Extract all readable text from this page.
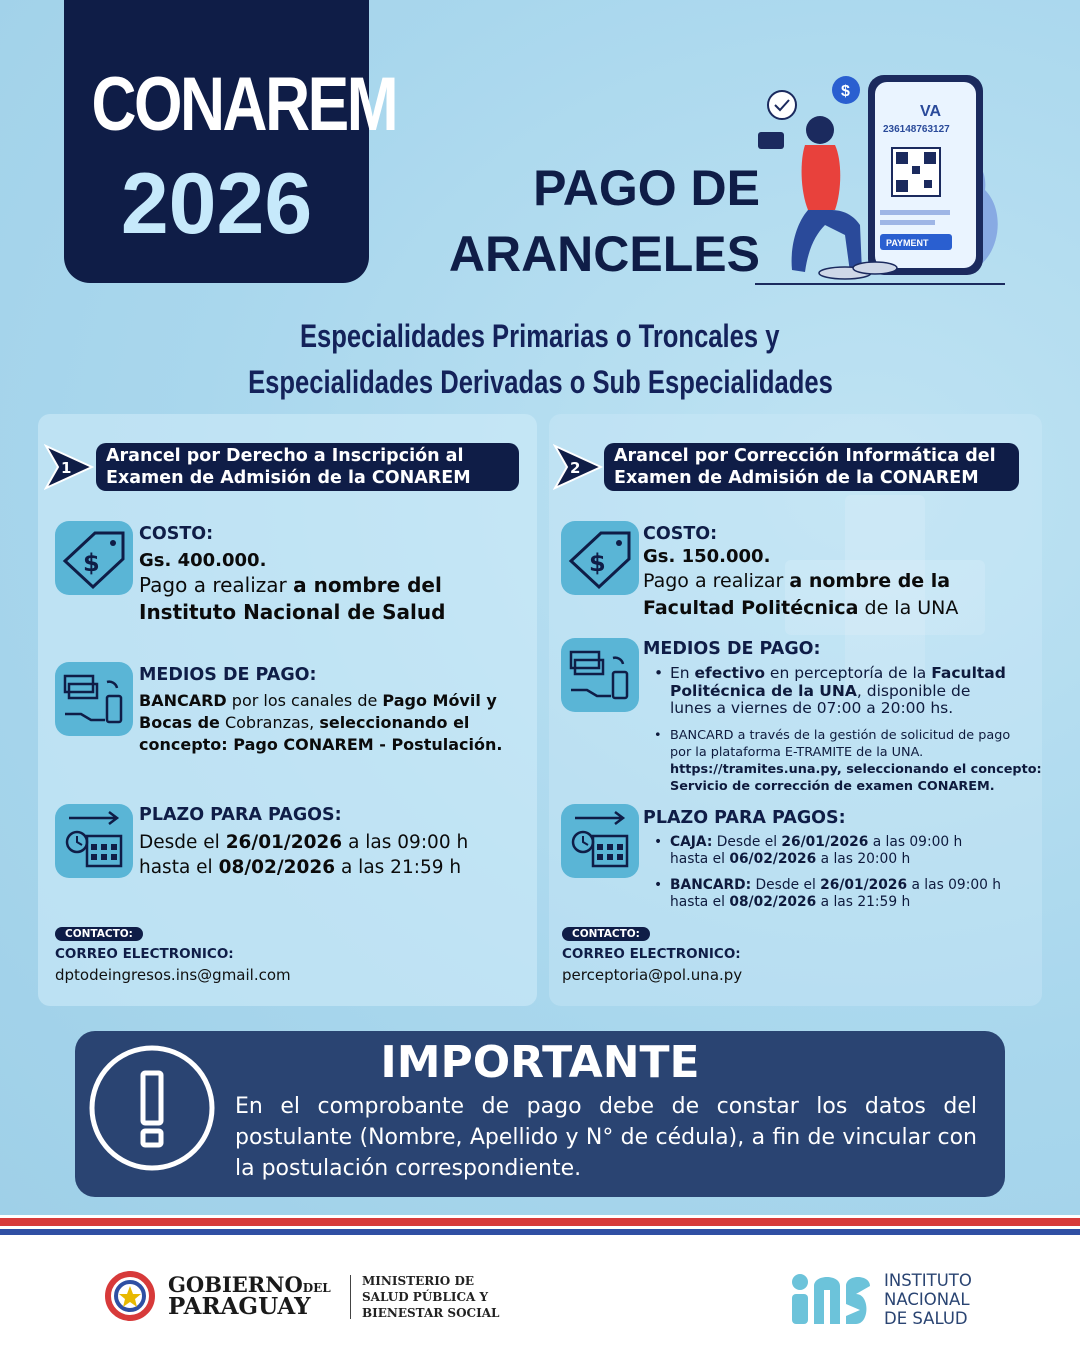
CONAREM
2026	PAGO DE
ARANCELES
VA
236148763127
PAYMENT
$
Especialidades Primarias o Troncales y
Especialidades Derivadas o Sub Especialidades
1
Arancel por Derecho a Inscripción al
Examen de Admisión de la CONAREM
$
COSTO:
Gs. 400.000.
Pago a realizar a nombre del
Instituto Nacional de Salud
MEDIOS DE PAGO:
BANCARD por los canales de Pago Móvil y
Bocas de Cobranzas, seleccionando el
concepto: Pago CONAREM - Postulación.
PLAZO PARA PAGOS:
Desde el 26/01/2026 a las 09:00 h
hasta el 08/02/2026 a las 21:59 h
CONTACTO:
CORREO ELECTRONICO:
dptodeingresos.ins@gmail.com
2
Arancel por Corrección Informática del
Examen de Admisión de la CONAREM
$
COSTO:
Gs. 150.000.
Pago a realizar a nombre de la
Facultad Politécnica de la UNA
MEDIOS DE PAGO:
• En efectivo en perceptoría de la Facultad
Politécnica de la UNA, disponible de
lunes a viernes de 07:00 a 20:00 hs.
• BANCARD a través de la gestión de solicitud de pago
por la plataforma E-TRAMITE de la UNA.
https://tramites.una.py, seleccionando el concepto:
Servicio de corrección de examen CONAREM.
PLAZO PARA PAGOS:
• CAJA: Desde el 26/01/2026 a las 09:00 h
hasta el 06/02/2026 a las 20:00 h
• BANCARD: Desde el 26/01/2026 a las 09:00 h
hasta el 08/02/2026 a las 21:59 h
CONTACTO:
CORREO ELECTRONICO:
perceptoria@pol.una.py
IMPORTANTE
En el comprobante de pago debe de constar los datos del postulante (Nombre, Apellido y N° de cédula), a fin de vincular con la postulación correspondiente.
GOBIERNODEL
PARAGUAY
MINISTERIO DE
SALUD PÚBLICA Y
BIENESTAR SOCIAL
INSTITUTO
NACIONAL
DE SALUD
